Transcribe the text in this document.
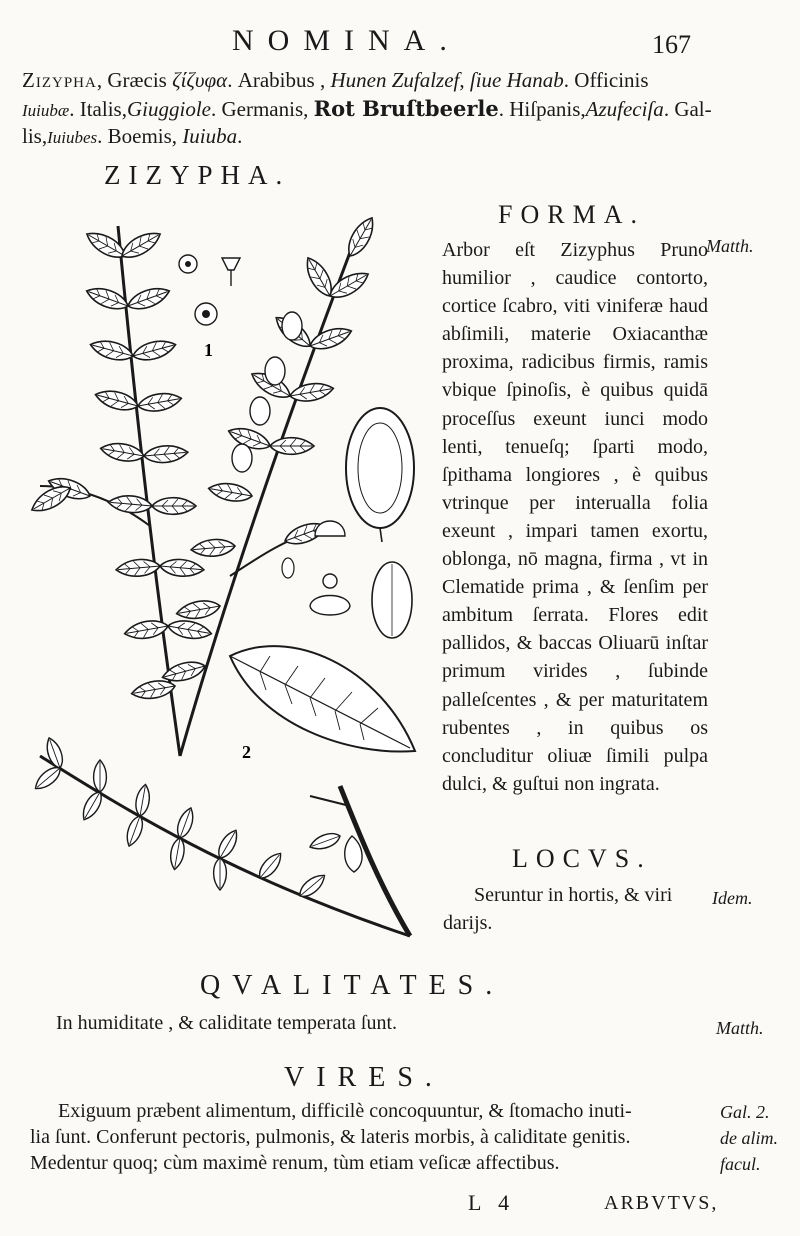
NOMINA.	167
Zizypha, Græcis ζίζυφα. Arabibus , Hunen Zufalzef, ſiue Hanab. Officinis
Iuiubæ. Italis,Giuggiole. Germanis, Rot Bruſtbeerle. Hiſpanis,Azufeciſa. Gal-
lis,Iuiubes. Boemis, Iuiuba.
ZIZYPHA.
1
2
FORMA.
Matth.
Arbor eſt Zizyphus Pruno humilior , caudice contorto, cortice ſcabro, viti viniferæ haud abſimili, materie Oxiacanthæ proxima, radicibus firmis, ramis vbique ſpinoſis, è quibus quidā proceſſus exeunt iunci modo lenti, tenueſq; ſparti modo, ſpithama longiores , è quibus vtrinque per interualla folia exeunt , impari tamen exortu, oblonga, nō magna, firma , vt in Clematide prima , & ſenſim per ambitum ſerrata. Flores edit pallidos, & baccas Oliuarū inſtar primum virides , ſubinde palleſcentes , & per maturitatem rubentes , in quibus os concluditur oliuæ ſimili pulpa dulci, & guſtui non ingrata.
LOCVS.
Seruntur in hortis, & viri Idem.
darijs.
QVALITATES.
In humiditate , & caliditate temperata ſunt.	Matth.
VIRES.
Exiguum præbent alimentum, difficilè concoquuntur, & ſtomacho inuti-
lia ſunt. Conferunt pectoris, pulmonis, & lateris morbis, à caliditate genitis.
Medentur quoq; cùm maximè renum, tùm etiam veſicæ affectibus.
Gal. 2.
de alim.
facul.
L 4	ARBVTVS,
